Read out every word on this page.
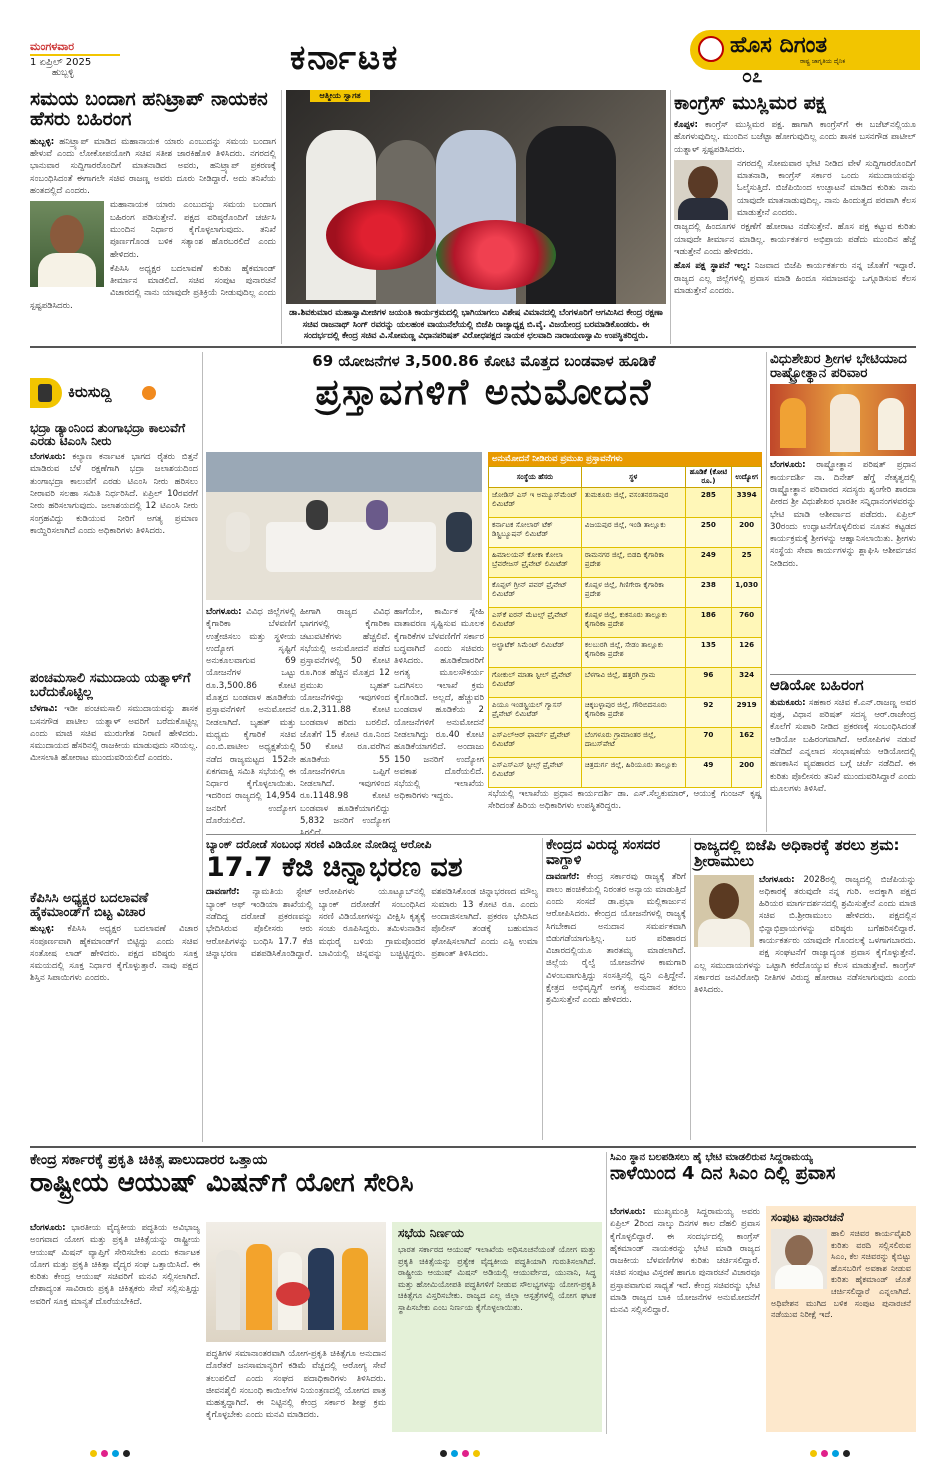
ಮಂಗಳವಾರ
1 ಏಪ್ರಿಲ್ 2025
ಹುಬ್ಬಳ್ಳಿ	ಕರ್ನಾಟಕ	ಹೊಸ ದಿಗಂತ
ರಾಷ್ಟ್ರ ಜಾಗೃತಿಯ ದೈನಿಕ
೦೭
ಸಮಯ ಬಂದಾಗ ಹನಿಟ್ರಾಪ್ ನಾಯಕನ ಹೆಸರು ಬಹಿರಂಗ

ಹುಬ್ಬಳ್ಳಿ: ಹನಿಟ್ರ್ಯಾಪ್ ಮಾಡಿದ ಮಹಾನಾಯಕ ಯಾರು ಎಂಬುದನ್ನು ಸಮಯ ಬಂದಾಗ ಹೇಳುವೆ ಎಂದು ಲೋಕೋಪಯೋಗಿ ಸಚಿವ ಸತೀಶ ಜಾರಕಿಹೊಳಿ ತಿಳಿಸಿದರು. ನಗರದಲ್ಲಿ ಭಾನುವಾರ ಸುದ್ದಿಗಾರರೊಂದಿಗೆ ಮಾತನಾಡಿದ ಅವರು, ಹನಿಟ್ರ್ಯಾಪ್ ಪ್ರಕರಣಕ್ಕೆ ಸಂಬಂಧಿಸಿದಂತೆ ಈಗಾಗಲೇ ಸಚಿವ ರಾಜಣ್ಣ ಅವರು ದೂರು ನೀಡಿದ್ದಾರೆ. ಅದು ತನಿಖೆಯ ಹಂತದಲ್ಲಿದೆ ಎಂದರು.

ಮಹಾನಾಯಕ ಯಾರು ಎಂಬುದನ್ನು ಸಮಯ ಬಂದಾಗ ಬಹಿರಂಗ ಪಡಿಸುತ್ತೇನೆ. ಪಕ್ಷದ ವರಿಷ್ಠರೊಂದಿಗೆ ಚರ್ಚಿಸಿ ಮುಂದಿನ ನಿರ್ಧಾರ ಕೈಗೊಳ್ಳಲಾಗುವುದು. ತನಿಖೆ ಪೂರ್ಣಗೊಂಡ ಬಳಿಕ ಸತ್ಯಾಂಶ ಹೊರಬರಲಿದೆ ಎಂದು ಹೇಳಿದರು.

ಕೆಪಿಸಿಸಿ ಅಧ್ಯಕ್ಷರ ಬದಲಾವಣೆ ಕುರಿತು ಹೈಕಮಾಂಡ್ ತೀರ್ಮಾನ ಮಾಡಲಿದೆ. ಸಚಿವ ಸಂಪುಟ ಪುನಾರಚನೆ ವಿಚಾರದಲ್ಲಿ ನಾನು ಯಾವುದೇ ಪ್ರತಿಕ್ರಿಯೆ ನೀಡುವುದಿಲ್ಲ ಎಂದು ಸ್ಪಷ್ಟಪಡಿಸಿದರು.

ಆತ್ಮೀಯ ಸ್ವಾಗತ
ಡಾ.ಶಿವಕುಮಾರ ಮಹಾಸ್ವಾಮೀಜಿಗಳ ಜಯಂತಿ ಕಾರ್ಯಕ್ರಮದಲ್ಲಿ ಭಾಗಿಯಾಗಲು ವಿಶೇಷ ವಿಮಾನದಲ್ಲಿ ಬೆಂಗಳೂರಿಗೆ ಆಗಮಿಸಿದ ಕೇಂದ್ರ ರಕ್ಷಣಾ ಸಚಿವ ರಾಜನಾಥ್ ಸಿಂಗ್ ರವರನ್ನು ಯಲಹಂಕ ವಾಯುನೆಲೆಯಲ್ಲಿ ಬಿಜೆಪಿ ರಾಜ್ಯಾಧ್ಯಕ್ಷ ಬಿ.ವೈ. ವಿಜಯೇಂದ್ರ ಬರಮಾಡಿಕೊಂಡರು. ಈ ಸಂದರ್ಭದಲ್ಲಿ ಕೇಂದ್ರ ಸಚಿವ ವಿ.ಸೋಮಣ್ಣ ವಿಧಾನಪರಿಷತ್ ವಿರೋಧಪಕ್ಷದ ನಾಯಕ ಛಲವಾದಿ ನಾರಾಯಣಸ್ವಾಮಿ ಉಪಸ್ಥಿತರಿದ್ದರು.
ಕಾಂಗ್ರೆಸ್ ಮುಸ್ಲಿಮರ ಪಕ್ಷ

ಕೊಪ್ಪಳ: ಕಾಂಗ್ರೆಸ್ ಮುಸ್ಲಿಮರ ಪಕ್ಷ. ಹಾಗಾಗಿ ಕಾಂಗ್ರೆಸ್‌ಗೆ ಈ ಬಜೆಟ್‌ನಲ್ಲಿಯೂ ಹೊಗಳುವುದಿಲ್ಲ. ಮುಂದಿನ ಬಜೆಟ್ಟಾ ಹೋಗುವುದಿಲ್ಲ ಎಂದು ಶಾಸಕ ಬಸನಗೌಡ ಪಾಟೀಲ್ ಯತ್ನಾಳ್ ಸ್ಪಷ್ಟಪಡಿಸಿದರು.

ನಗರದಲ್ಲಿ ಸೋಮವಾರ ಭೇಟಿ ನೀಡಿದ ವೇಳೆ ಸುದ್ದಿಗಾರರೊಂದಿಗೆ ಮಾತನಾಡಿ, ಕಾಂಗ್ರೆಸ್ ಸರ್ಕಾರ ಒಂದು ಸಮುದಾಯವನ್ನು ಓಲೈಸುತ್ತಿದೆ. ಬಿಜೆಪಿಯಿಂದ ಉಚ್ಛಾಟನೆ ಮಾಡಿದ ಕುರಿತು ನಾನು ಯಾವುದೇ ಮಾತನಾಡುವುದಿಲ್ಲ. ನಾನು ಹಿಂದುತ್ವದ ಪರವಾಗಿ ಕೆಲಸ ಮಾಡುತ್ತೇನೆ ಎಂದರು.

ರಾಜ್ಯದಲ್ಲಿ ಹಿಂದೂಗಳ ರಕ್ಷಣೆಗೆ ಹೋರಾಟ ನಡೆಸುತ್ತೇನೆ. ಹೊಸ ಪಕ್ಷ ಕಟ್ಟುವ ಕುರಿತು ಯಾವುದೇ ತೀರ್ಮಾನ ಮಾಡಿಲ್ಲ. ಕಾರ್ಯಕರ್ತರ ಅಭಿಪ್ರಾಯ ಪಡೆದು ಮುಂದಿನ ಹೆಜ್ಜೆ ಇಡುತ್ತೇನೆ ಎಂದು ಹೇಳಿದರು.

ಹೊಸ ಪಕ್ಷ ಸ್ಥಾಪನೆ ಇಲ್ಲ: ನಿಜವಾದ ಬಿಜೆಪಿ ಕಾರ್ಯಕರ್ತರು ನನ್ನ ಜೊತೆಗೆ ಇದ್ದಾರೆ. ರಾಜ್ಯದ ಎಲ್ಲ ಜಿಲ್ಲೆಗಳಲ್ಲಿ ಪ್ರವಾಸ ಮಾಡಿ ಹಿಂದೂ ಸಮಾಜವನ್ನು ಒಗ್ಗೂಡಿಸುವ ಕೆಲಸ ಮಾಡುತ್ತೇನೆ ಎಂದರು.

ಕಿರುಸುದ್ದಿ
ಭದ್ರಾ ಡ್ಯಾಂನಿಂದ ತುಂಗಾಭದ್ರಾ ಕಾಲುವೆಗೆ ಎರಡು ಟಿಎಂಸಿ ನೀರು

ಬೆಂಗಳೂರು: ಕಲ್ಯಾಣ ಕರ್ನಾಟಕ ಭಾಗದ ರೈತರು ಬಿತ್ತನೆ ಮಾಡಿರುವ ಬೆಳೆ ರಕ್ಷಣೆಗಾಗಿ ಭದ್ರಾ ಜಲಾಶಯದಿಂದ ತುಂಗಾಭದ್ರಾ ಕಾಲುವೆಗೆ ಎರಡು ಟಿಎಂಸಿ ನೀರು ಹರಿಸಲು ನೀರಾವರಿ ಸಲಹಾ ಸಮಿತಿ ನಿರ್ಧರಿಸಿದೆ. ಏಪ್ರಿಲ್ 10ರವರೆಗೆ ನೀರು ಹರಿಸಲಾಗುವುದು. ಜಲಾಶಯದಲ್ಲಿ 12 ಟಿಎಂಸಿ ನೀರು ಸಂಗ್ರಹವಿದ್ದು ಕುಡಿಯುವ ನೀರಿಗೆ ಅಗತ್ಯ ಪ್ರಮಾಣ ಕಾಯ್ದಿರಿಸಲಾಗಿದೆ ಎಂದು ಅಧಿಕಾರಿಗಳು ತಿಳಿಸಿದರು.

ಪಂಚಮಸಾಲಿ ಸಮುದಾಯ ಯತ್ನಾಳ್‌ಗೆ ಬರೆದುಕೊಟ್ಟಿಲ್ಲ

ಬೆಳಗಾವಿ: ಇಡೀ ಪಂಚಮಸಾಲಿ ಸಮುದಾಯವನ್ನು ಶಾಸಕ ಬಸನಗೌಡ ಪಾಟೀಲ ಯತ್ನಾಳ್ ಅವರಿಗೆ ಬರೆದುಕೊಟ್ಟಿಲ್ಲ ಎಂದು ಮಾಜಿ ಸಚಿವ ಮುರುಗೇಶ ನಿರಾಣಿ ಹೇಳಿದರು. ಸಮುದಾಯದ ಹೆಸರಿನಲ್ಲಿ ರಾಜಕೀಯ ಮಾಡುವುದು ಸರಿಯಲ್ಲ. ಮೀಸಲಾತಿ ಹೋರಾಟ ಮುಂದುವರಿಯಲಿದೆ ಎಂದರು.

ಕೆಪಿಸಿಸಿ ಅಧ್ಯಕ್ಷರ ಬದಲಾವಣೆ ಹೈಕಮಾಂಡ್‌ಗೆ ಬಿಟ್ಟ ವಿಚಾರ

ಹುಬ್ಬಳ್ಳಿ: ಕೆಪಿಸಿಸಿ ಅಧ್ಯಕ್ಷರ ಬದಲಾವಣೆ ವಿಚಾರ ಸಂಪೂರ್ಣವಾಗಿ ಹೈಕಮಾಂಡ್‌ಗೆ ಬಿಟ್ಟಿದ್ದು ಎಂದು ಸಚಿವ ಸಂತೋಷ ಲಾಡ್ ಹೇಳಿದರು. ಪಕ್ಷದ ವರಿಷ್ಠರು ಸೂಕ್ತ ಸಮಯದಲ್ಲಿ ಸೂಕ್ತ ನಿರ್ಧಾರ ಕೈಗೊಳ್ಳುತ್ತಾರೆ. ನಾವು ಪಕ್ಷದ ಶಿಸ್ತಿನ ಸಿಪಾಯಿಗಳು ಎಂದರು.

69 ಯೋಜನೆಗಳ 3,500.86 ಕೋಟಿ ಮೊತ್ತದ ಬಂಡವಾಳ ಹೂಡಿಕೆ
ಪ್ರಸ್ತಾವಗಳಿಗೆ ಅನುಮೋದನೆ

ಬೆಂಗಳೂರು: ವಿವಿಧ ಜಿಲ್ಲೆಗಳಲ್ಲಿ ಕೈಗಾರಿಕಾ ಬೆಳವಣಿಗೆ ಉತ್ತೇಜಿಸಲು ಮತ್ತು ಸ್ಥಳೀಯ ಉದ್ಯೋಗ ಸೃಷ್ಟಿಗೆ ಅನುಕೂಲವಾಗುವ 69 ಯೋಜನೆಗಳ ಒಟ್ಟು ರೂ.3,500.86 ಕೋಟಿ ಮೊತ್ತದ ಬಂಡವಾಳ ಹೂಡಿಕೆಯ ಪ್ರಸ್ತಾವನೆಗಳಿಗೆ ಅನುಮೋದನೆ ನೀಡಲಾಗಿದೆ. ಬೃಹತ್ ಮತ್ತು ಮಧ್ಯಮ ಕೈಗಾರಿಕೆ ಸಚಿವ ಎಂ.ಬಿ.ಪಾಟೀಲ ಅಧ್ಯಕ್ಷತೆಯಲ್ಲಿ ನಡೆದ ರಾಜ್ಯಮಟ್ಟದ 152ನೇ ಏಕಗವಾಕ್ಷಿ ಸಮಿತಿ ಸಭೆಯಲ್ಲಿ ಈ ನಿರ್ಧಾರ ಕೈಗೊಳ್ಳಲಾಯಿತು. ಇದರಿಂದ ರಾಜ್ಯದಲ್ಲಿ 14,954 ಜನರಿಗೆ ಉದ್ಯೋಗ ದೊರೆಯಲಿದೆ.

ಹೀಗಾಗಿ ರಾಜ್ಯದ ವಿವಿಧ ಭಾಗಗಳಲ್ಲಿ ಕೈಗಾರಿಕಾ ಚಟುವಟಿಕೆಗಳು ಹೆಚ್ಚಲಿವೆ. ಸಭೆಯಲ್ಲಿ ಅನುಮೋದನೆ ಪಡೆದ ಪ್ರಸ್ತಾವನೆಗಳಲ್ಲಿ 50 ಕೋಟಿ ರೂ.ಗಿಂತ ಹೆಚ್ಚಿನ ಮೊತ್ತದ 12 ಪ್ರಮುಖ ಬೃಹತ್ ಯೋಜನೆಗಳಿದ್ದು ಇವುಗಳಿಂದ ರೂ.2,311.88 ಕೋಟಿ ಬಂಡವಾಳ ಹರಿದು ಬರಲಿದೆ. ಜೊತೆಗೆ 15 ಕೋಟಿ ರೂ.ನಿಂದ 50 ಕೋಟಿ ರೂ.ವರೆಗಿನ ಹೂಡಿಕೆಯ 55 ಯೋಜನೆಗಳಿಗೂ ಒಪ್ಪಿಗೆ ನೀಡಲಾಗಿದೆ. ಇವುಗಳಿಂದ ರೂ.1148.98 ಕೋಟಿ ಬಂಡವಾಳ ಹೂಡಿಕೆಯಾಗಲಿದ್ದು 5,832 ಜನರಿಗೆ ಉದ್ಯೋಗ
ಹಾಗೆಯೇ, ಕಾರ್ಮಿಕ ಸ್ನೇಹಿ ವಾತಾವರಣ ಸೃಷ್ಟಿಸುವ ಮೂಲಕ ಕೈಗಾರಿಕೆಗಳ ಬೆಳವಣಿಗೆಗೆ ಸರ್ಕಾರ ಬದ್ಧವಾಗಿದೆ ಎಂದು ಸಚಿವರು ತಿಳಿಸಿದರು. ಹೂಡಿಕೆದಾರರಿಗೆ ಅಗತ್ಯ ಮೂಲಸೌಕರ್ಯ ಒದಗಿಸಲು ಇಲಾಖೆ ಕ್ರಮ ಕೈಗೊಂಡಿದೆ. ಅಲ್ಲದೆ, ಹೆಚ್ಚುವರಿ ಬಂಡವಾಳ ಹೂಡಿಕೆಯ 2 ಯೋಜನೆಗಳಿಗೆ ಅನುಮೋದನೆ ನೀಡಲಾಗಿದ್ದು ರೂ.40 ಕೋಟಿ ಹೂಡಿಕೆಯಾಗಲಿದೆ. ಅಂದಾಜು 150 ಜನರಿಗೆ ಉದ್ಯೋಗ ಅವಕಾಶ ದೊರೆಯಲಿದೆ. ಸಭೆಯಲ್ಲಿ ಇಲಾಖೆಯ ಅಧಿಕಾರಿಗಳು ಇದ್ದರು.
ಅನುಮೋದನೆ ನೀಡಿರುವ ಪ್ರಮುಖ ಪ್ರಸ್ತಾವನೆಗಳು
ಸಂಸ್ಥೆಯ ಹೆಸರು	ಸ್ಥಳ	ಹೂಡಿಕೆ (ಕೋಟಿ ರೂ.)	ಉದ್ಯೋಗ
ಜೋಡಿಸ್ ಎಸ್ ಇ ಅಮ್ಯೂಸ್‌ಮೆಂಟ್ ಲಿಮಿಟೆಡ್	ತುಮಕೂರು ಜಿಲ್ಲೆ, ವಸಂತನರಸಾಪುರ	285	3394
ಕರ್ನಾಟಕ ಸೋಲಾರ್ ಟೆಕ್ ಡಿಸ್ಟ್ರಿಬ್ಯೂಷನ್ ಲಿಮಿಟೆಡ್	ವಿಜಯಪುರ ಜಿಲ್ಲೆ, ಇಂಡಿ ತಾಲ್ಲೂಕು	250	200
ಹಿಮಾಲಯನ್ ಕೋಕಾ ಕೋಲಾ ಬ್ರೆವರೇಜಸ್ ಪ್ರೈವೇಟ್ ಲಿಮಿಟೆಡ್	ರಾಮನಗರ ಜಿಲ್ಲೆ, ಬಿಡದಿ ಕೈಗಾರಿಕಾ ಪ್ರದೇಶ	249	25
ಕೊಪ್ಪಳ್ ಗ್ರೀನ್ ಪವರ್ ಪ್ರೈವೇಟ್ ಲಿಮಿಟೆಡ್	ಕೊಪ್ಪಳ ಜಿಲ್ಲೆ, ಗಿಣಿಗೇರಾ ಕೈಗಾರಿಕಾ ಪ್ರದೇಶ	238	1,030
ಎಸ್‌ಕೆ ಐರನ್ ಮೆಟಲ್ಸ್ ಪ್ರೈವೇಟ್ ಲಿಮಿಟೆಡ್	ಕೊಪ್ಪಳ ಜಿಲ್ಲೆ, ಕುಕನೂರು ತಾಲ್ಲೂಕು ಕೈಗಾರಿಕಾ ಪ್ರದೇಶ	186	760
ಅಲ್ಟ್ರಾಟೆಕ್ ಸಿಮೆಂಟ್ ಲಿಮಿಟೆಡ್	ಕಲಬುರಗಿ ಜಿಲ್ಲೆ, ಸೇಡಂ ತಾಲ್ಲೂಕು ಕೈಗಾರಿಕಾ ಪ್ರದೇಶ	135	126
ಗೋಕುಲ್ ಮಾತಾ ಸ್ಟೀಲ್ ಪ್ರೈವೇಟ್ ಲಿಮಿಟೆಡ್	ಬೆಳಗಾವಿ ಜಿಲ್ಲೆ, ಹತ್ತರಗಿ ಗ್ರಾಮ	96	324
ಪಿಯೂ ಇಂಡಸ್ಟ್ರಿಯಲ್ ಗ್ಯಾಸಸ್ ಪ್ರೈವೇಟ್ ಲಿಮಿಟೆಡ್	ಚಿಕ್ಕಬಳ್ಳಾಪುರ ಜಿಲ್ಲೆ, ಗೌರಿಬಿದನೂರು ಕೈಗಾರಿಕಾ ಪ್ರದೇಶ	92	2919
ಎಸ್‌ಎಲ್‌ಆರ್ ಫಾರ್ಮ್ ಪ್ರೈವೇಟ್ ಲಿಮಿಟೆಡ್	ಬೆಂಗಳೂರು ಗ್ರಾಮಾಂತರ ಜಿಲ್ಲೆ, ದಾಬಸ್‌ಪೇಟೆ	70	162
ಎಸ್‌ಎಸ್‌ಎಸ್ ಸ್ಟೀಲ್ಸ್ ಪ್ರೈವೇಟ್ ಲಿಮಿಟೆಡ್	ಚಿತ್ರದುರ್ಗ ಜಿಲ್ಲೆ, ಹಿರಿಯೂರು ತಾಲ್ಲೂಕು	49	200
ಸಭೆಯಲ್ಲಿ ಇಲಾಖೆಯ ಪ್ರಧಾನ ಕಾರ್ಯದರ್ಶಿ ಡಾ. ಎಸ್.ಸೆಲ್ವಕುಮಾರ್, ಆಯುಕ್ತೆ ಗುಂಜನ್ ಕೃಷ್ಣ ಸೇರಿದಂತೆ ಹಿರಿಯ ಅಧಿಕಾರಿಗಳು ಉಪಸ್ಥಿತರಿದ್ದರು.
ವಿಧುಶೇಖರ ಶ್ರೀಗಳ ಭೇಟಿಯಾದ ರಾಷ್ಟ್ರೋತ್ಥಾನ ಪರಿವಾರ

ಬೆಂಗಳೂರು: ರಾಷ್ಟ್ರೋತ್ಥಾನ ಪರಿಷತ್ ಪ್ರಧಾನ ಕಾರ್ಯದರ್ಶಿ ನಾ. ದಿನೇಶ್ ಹೆಗ್ಡೆ ನೇತೃತ್ವದಲ್ಲಿ ರಾಷ್ಟ್ರೋತ್ಥಾನ ಪರಿವಾರದ ಸದಸ್ಯರು ಶೃಂಗೇರಿ ಶಾರದಾ ಪೀಠದ ಶ್ರೀ ವಿಧುಶೇಖರ ಭಾರತೀ ಸನ್ನಿಧಾನಂಗಳವರನ್ನು ಭೇಟಿ ಮಾಡಿ ಆಶೀರ್ವಾದ ಪಡೆದರು. ಏಪ್ರಿಲ್ 30ರಂದು ಉದ್ಘಾಟನೆಗೊಳ್ಳಲಿರುವ ನೂತನ ಕಟ್ಟಡದ ಕಾರ್ಯಕ್ರಮಕ್ಕೆ ಶ್ರೀಗಳನ್ನು ಆಹ್ವಾನಿಸಲಾಯಿತು. ಶ್ರೀಗಳು ಸಂಸ್ಥೆಯ ಸೇವಾ ಕಾರ್ಯಗಳನ್ನು ಶ್ಲಾಘಿಸಿ ಆಶೀರ್ವಚನ ನೀಡಿದರು.

ಆಡಿಯೋ ಬಹಿರಂಗ

ತುಮಕೂರು: ಸಹಕಾರ ಸಚಿವ ಕೆ.ಎನ್.ರಾಜಣ್ಣ ಅವರ ಪುತ್ರ, ವಿಧಾನ ಪರಿಷತ್ ಸದಸ್ಯ ಆರ್.ರಾಜೇಂದ್ರ ಕೊಲೆಗೆ ಸುಪಾರಿ ನೀಡಿದ ಪ್ರಕರಣಕ್ಕೆ ಸಂಬಂಧಿಸಿದಂತೆ ಆಡಿಯೋ ಬಹಿರಂಗವಾಗಿದೆ. ಆರೋಪಿಗಳ ನಡುವೆ ನಡೆದಿದೆ ಎನ್ನಲಾದ ಸಂಭಾಷಣೆಯ ಆಡಿಯೋದಲ್ಲಿ ಹಣಕಾಸಿನ ವ್ಯವಹಾರದ ಬಗ್ಗೆ ಚರ್ಚೆ ನಡೆದಿದೆ. ಈ ಕುರಿತು ಪೊಲೀಸರು ತನಿಖೆ ಮುಂದುವರಿಸಿದ್ದಾರೆ ಎಂದು ಮೂಲಗಳು ತಿಳಿಸಿವೆ.

ಬ್ಯಾಂಕ್ ದರೋಡೆ ಸಂಬಂಧ ಸರಣಿ ವಿಡಿಯೋ ನೋಡಿದ್ದ ಆರೋಪಿ
17.7 ಕೆಜಿ ಚಿನ್ನಾಭರಣ ವಶ

ದಾವಣಗೆರೆ: ನ್ಯಾಮತಿಯ ಸ್ಟೇಟ್ ಬ್ಯಾಂಕ್ ಆಫ್ ಇಂಡಿಯಾ ಶಾಖೆಯಲ್ಲಿ ನಡೆದಿದ್ದ ದರೋಡೆ ಪ್ರಕರಣವನ್ನು ಭೇದಿಸಿರುವ ಪೊಲೀಸರು ಆರು ಆರೋಪಿಗಳನ್ನು ಬಂಧಿಸಿ 17.7 ಕೆಜಿ ಚಿನ್ನಾಭರಣ ವಶಪಡಿಸಿಕೊಂಡಿದ್ದಾರೆ. ಆರೋಪಿಗಳು ಯೂಟ್ಯೂಬ್‌ನಲ್ಲಿ ಬ್ಯಾಂಕ್ ದರೋಡೆಗೆ ಸಂಬಂಧಿಸಿದ ಸರಣಿ ವಿಡಿಯೋಗಳನ್ನು ವೀಕ್ಷಿಸಿ ಕೃತ್ಯಕ್ಕೆ ಸಂಚು ರೂಪಿಸಿದ್ದರು. ತಮಿಳುನಾಡಿನ ಮಧುರೈ ಬಳಿಯ ಗ್ರಾಮವೊಂದರ ಬಾವಿಯಲ್ಲಿ ಚಿನ್ನವನ್ನು ಬಚ್ಚಿಟ್ಟಿದ್ದರು. ವಶಪಡಿಸಿಕೊಂಡ ಚಿನ್ನಾಭರಣದ ಮೌಲ್ಯ ಸುಮಾರು 13 ಕೋಟಿ ರೂ. ಎಂದು ಅಂದಾಜಿಸಲಾಗಿದೆ. ಪ್ರಕರಣ ಭೇದಿಸಿದ ಪೊಲೀಸ್ ತಂಡಕ್ಕೆ ಬಹುಮಾನ ಘೋಷಿಸಲಾಗಿದೆ ಎಂದು ಎಸ್ಪಿ ಉಮಾ ಪ್ರಶಾಂತ್ ತಿಳಿಸಿದರು.

ಕೇಂದ್ರದ ವಿರುದ್ಧ ಸಂಸದರ ವಾಗ್ದಾಳಿ

ದಾವಣಗೆರೆ: ಕೇಂದ್ರ ಸರ್ಕಾರವು ರಾಜ್ಯಕ್ಕೆ ತೆರಿಗೆ ಪಾಲು ಹಂಚಿಕೆಯಲ್ಲಿ ನಿರಂತರ ಅನ್ಯಾಯ ಮಾಡುತ್ತಿದೆ ಎಂದು ಸಂಸದೆ ಡಾ.ಪ್ರಭಾ ಮಲ್ಲಿಕಾರ್ಜುನ ಆರೋಪಿಸಿದರು. ಕೇಂದ್ರದ ಯೋಜನೆಗಳಲ್ಲಿ ರಾಜ್ಯಕ್ಕೆ ಸಿಗಬೇಕಾದ ಅನುದಾನ ಸಮರ್ಪಕವಾಗಿ ಬಿಡುಗಡೆಯಾಗುತ್ತಿಲ್ಲ. ಬರ ಪರಿಹಾರದ ವಿಚಾರದಲ್ಲಿಯೂ ತಾರತಮ್ಯ ಮಾಡಲಾಗಿದೆ. ಜಿಲ್ಲೆಯ ರೈಲ್ವೆ ಯೋಜನೆಗಳ ಕಾಮಗಾರಿ ವಿಳಂಬವಾಗುತ್ತಿದ್ದು ಸಂಸತ್ತಿನಲ್ಲಿ ಧ್ವನಿ ಎತ್ತಿದ್ದೇನೆ. ಕ್ಷೇತ್ರದ ಅಭಿವೃದ್ಧಿಗೆ ಅಗತ್ಯ ಅನುದಾನ ತರಲು ಶ್ರಮಿಸುತ್ತೇನೆ ಎಂದು ಹೇಳಿದರು.

ರಾಜ್ಯದಲ್ಲಿ ಬಿಜೆಪಿ ಅಧಿಕಾರಕ್ಕೆ ತರಲು ಶ್ರಮ: ಶ್ರೀರಾಮುಲು

ಬೆಂಗಳೂರು: 2028ರಲ್ಲಿ ರಾಜ್ಯದಲ್ಲಿ ಬಿಜೆಪಿಯನ್ನು ಅಧಿಕಾರಕ್ಕೆ ತರುವುದೇ ನನ್ನ ಗುರಿ. ಅದಕ್ಕಾಗಿ ಪಕ್ಷದ ಹಿರಿಯರ ಮಾರ್ಗದರ್ಶನದಲ್ಲಿ ಶ್ರಮಿಸುತ್ತೇನೆ ಎಂದು ಮಾಜಿ ಸಚಿವ ಬಿ.ಶ್ರೀರಾಮುಲು ಹೇಳಿದರು. ಪಕ್ಷದಲ್ಲಿನ ಭಿನ್ನಾಭಿಪ್ರಾಯಗಳನ್ನು ವರಿಷ್ಠರು ಬಗೆಹರಿಸಲಿದ್ದಾರೆ. ಕಾರ್ಯಕರ್ತರು ಯಾವುದೇ ಗೊಂದಲಕ್ಕೆ ಒಳಗಾಗಬಾರದು. ಪಕ್ಷ ಸಂಘಟನೆಗೆ ರಾಜ್ಯಾದ್ಯಂತ ಪ್ರವಾಸ ಕೈಗೊಳ್ಳುತ್ತೇನೆ. ಎಲ್ಲ ಸಮುದಾಯಗಳನ್ನು ಒಟ್ಟಾಗಿ ಕರೆದೊಯ್ಯುವ ಕೆಲಸ ಮಾಡುತ್ತೇವೆ. ಕಾಂಗ್ರೆಸ್ ಸರ್ಕಾರದ ಜನವಿರೋಧಿ ನೀತಿಗಳ ವಿರುದ್ಧ ಹೋರಾಟ ನಡೆಸಲಾಗುವುದು ಎಂದು ತಿಳಿಸಿದರು.

ಕೇಂದ್ರ ಸರ್ಕಾರಕ್ಕೆ ಪ್ರಕೃತಿ ಚಿಕಿತ್ಸ ಪಾಲುದಾರರ ಒತ್ತಾಯ
ರಾಷ್ಟ್ರೀಯ ಆಯುಷ್ ಮಿಷನ್‌ಗೆ ಯೋಗ ಸೇರಿಸಿ

ಬೆಂಗಳೂರು: ಭಾರತೀಯ ವೈದ್ಯಕೀಯ ಪದ್ಧತಿಯ ಅವಿಭಾಜ್ಯ ಅಂಗವಾದ ಯೋಗ ಮತ್ತು ಪ್ರಕೃತಿ ಚಿಕಿತ್ಸೆಯನ್ನು ರಾಷ್ಟ್ರೀಯ ಆಯುಷ್ ಮಿಷನ್ ವ್ಯಾಪ್ತಿಗೆ ಸೇರಿಸಬೇಕು ಎಂದು ಕರ್ನಾಟಕ ಯೋಗ ಮತ್ತು ಪ್ರಕೃತಿ ಚಿಕಿತ್ಸಾ ವೈದ್ಯರ ಸಂಘ ಒತ್ತಾಯಿಸಿದೆ. ಈ ಕುರಿತು ಕೇಂದ್ರ ಆಯುಷ್ ಸಚಿವರಿಗೆ ಮನವಿ ಸಲ್ಲಿಸಲಾಗಿದೆ. ದೇಶಾದ್ಯಂತ ಸಾವಿರಾರು ಪ್ರಕೃತಿ ಚಿಕಿತ್ಸಕರು ಸೇವೆ ಸಲ್ಲಿಸುತ್ತಿದ್ದು ಅವರಿಗೆ ಸೂಕ್ತ ಮಾನ್ಯತೆ ದೊರೆಯಬೇಕಿದೆ.

ಪದ್ಧತಿಗಳ ಸಮಾನಾಂತರವಾಗಿ ಯೋಗ-ಪ್ರಕೃತಿ ಚಿಕಿತ್ಸೆಗೂ ಅನುದಾನ ದೊರೆತರೆ ಜನಸಾಮಾನ್ಯರಿಗೆ ಕಡಿಮೆ ವೆಚ್ಚದಲ್ಲಿ ಆರೋಗ್ಯ ಸೇವೆ ತಲುಪಲಿದೆ ಎಂದು ಸಂಘದ ಪದಾಧಿಕಾರಿಗಳು ತಿಳಿಸಿದರು. ಜೀವನಶೈಲಿ ಸಂಬಂಧಿ ಕಾಯಿಲೆಗಳ ನಿಯಂತ್ರಣದಲ್ಲಿ ಯೋಗದ ಪಾತ್ರ ಮಹತ್ವದ್ದಾಗಿದೆ. ಈ ನಿಟ್ಟಿನಲ್ಲಿ ಕೇಂದ್ರ ಸರ್ಕಾರ ಶೀಘ್ರ ಕ್ರಮ ಕೈಗೊಳ್ಳಬೇಕು ಎಂದು ಮನವಿ ಮಾಡಿದರು.
ಸಭೆಯ ನಿರ್ಣಯ
ಭಾರತ ಸರ್ಕಾರದ ಆಯುಷ್ ಇಲಾಖೆಯ ಅಧಿಸೂಚನೆಯಂತೆ ಯೋಗ ಮತ್ತು ಪ್ರಕೃತಿ ಚಿಕಿತ್ಸೆಯನ್ನು ಪ್ರತ್ಯೇಕ ವೈದ್ಯಕೀಯ ಪದ್ಧತಿಯಾಗಿ ಗುರುತಿಸಲಾಗಿದೆ. ರಾಷ್ಟ್ರೀಯ ಆಯುಷ್ ಮಿಷನ್ ಅಡಿಯಲ್ಲಿ ಆಯುರ್ವೇದ, ಯುನಾನಿ, ಸಿದ್ಧ ಮತ್ತು ಹೋಮಿಯೋಪತಿ ಪದ್ಧತಿಗಳಿಗೆ ನೀಡುವ ಸೌಲಭ್ಯಗಳನ್ನು ಯೋಗ-ಪ್ರಕೃತಿ ಚಿಕಿತ್ಸೆಗೂ ವಿಸ್ತರಿಸಬೇಕು. ರಾಜ್ಯದ ಎಲ್ಲ ಜಿಲ್ಲಾ ಆಸ್ಪತ್ರೆಗಳಲ್ಲಿ ಯೋಗ ಘಟಕ ಸ್ಥಾಪಿಸಬೇಕು ಎಂಬ ನಿರ್ಣಯ ಕೈಗೊಳ್ಳಲಾಯಿತು.
ಸಿಎಂ ಸ್ಥಾನ ಬಲಪಡಿಸಲು ಹೈ ಭೇಟಿ ಮಾಡಲಿರುವ ಸಿದ್ದರಾಮಯ್ಯ
ನಾಳೆಯಿಂದ 4 ದಿನ ಸಿಎಂ ದಿಲ್ಲಿ ಪ್ರವಾಸ

ಬೆಂಗಳೂರು: ಮುಖ್ಯಮಂತ್ರಿ ಸಿದ್ದರಾಮಯ್ಯ ಅವರು ಏಪ್ರಿಲ್ 2ರಿಂದ ನಾಲ್ಕು ದಿನಗಳ ಕಾಲ ದೆಹಲಿ ಪ್ರವಾಸ ಕೈಗೊಳ್ಳಲಿದ್ದಾರೆ. ಈ ಸಂದರ್ಭದಲ್ಲಿ ಕಾಂಗ್ರೆಸ್ ಹೈಕಮಾಂಡ್ ನಾಯಕರನ್ನು ಭೇಟಿ ಮಾಡಿ ರಾಜ್ಯದ ರಾಜಕೀಯ ಬೆಳವಣಿಗೆಗಳ ಕುರಿತು ಚರ್ಚಿಸಲಿದ್ದಾರೆ. ಸಚಿವ ಸಂಪುಟ ವಿಸ್ತರಣೆ ಹಾಗೂ ಪುನಾರಚನೆ ವಿಚಾರವೂ ಪ್ರಸ್ತಾಪವಾಗುವ ಸಾಧ್ಯತೆ ಇದೆ. ಕೇಂದ್ರ ಸಚಿವರನ್ನು ಭೇಟಿ ಮಾಡಿ ರಾಜ್ಯದ ಬಾಕಿ ಯೋಜನೆಗಳ ಅನುಮೋದನೆಗೆ ಮನವಿ ಸಲ್ಲಿಸಲಿದ್ದಾರೆ.

ಸಂಪುಟ ಪುನಾರಚನೆ
ಹಾಲಿ ಸಚಿವರ ಕಾರ್ಯವೈಖರಿ ಕುರಿತು ವರದಿ ಸಲ್ಲಿಸಲಿರುವ ಸಿಎಂ, ಕೆಲ ಸಚಿವರನ್ನು ಕೈಬಿಟ್ಟು ಹೊಸಬರಿಗೆ ಅವಕಾಶ ನೀಡುವ ಕುರಿತು ಹೈಕಮಾಂಡ್ ಜೊತೆ ಚರ್ಚಿಸಲಿದ್ದಾರೆ ಎನ್ನಲಾಗಿದೆ. ಅಧಿವೇಶನ ಮುಗಿದ ಬಳಿಕ ಸಂಪುಟ ಪುನಾರಚನೆ ನಡೆಯುವ ನಿರೀಕ್ಷೆ ಇದೆ.
